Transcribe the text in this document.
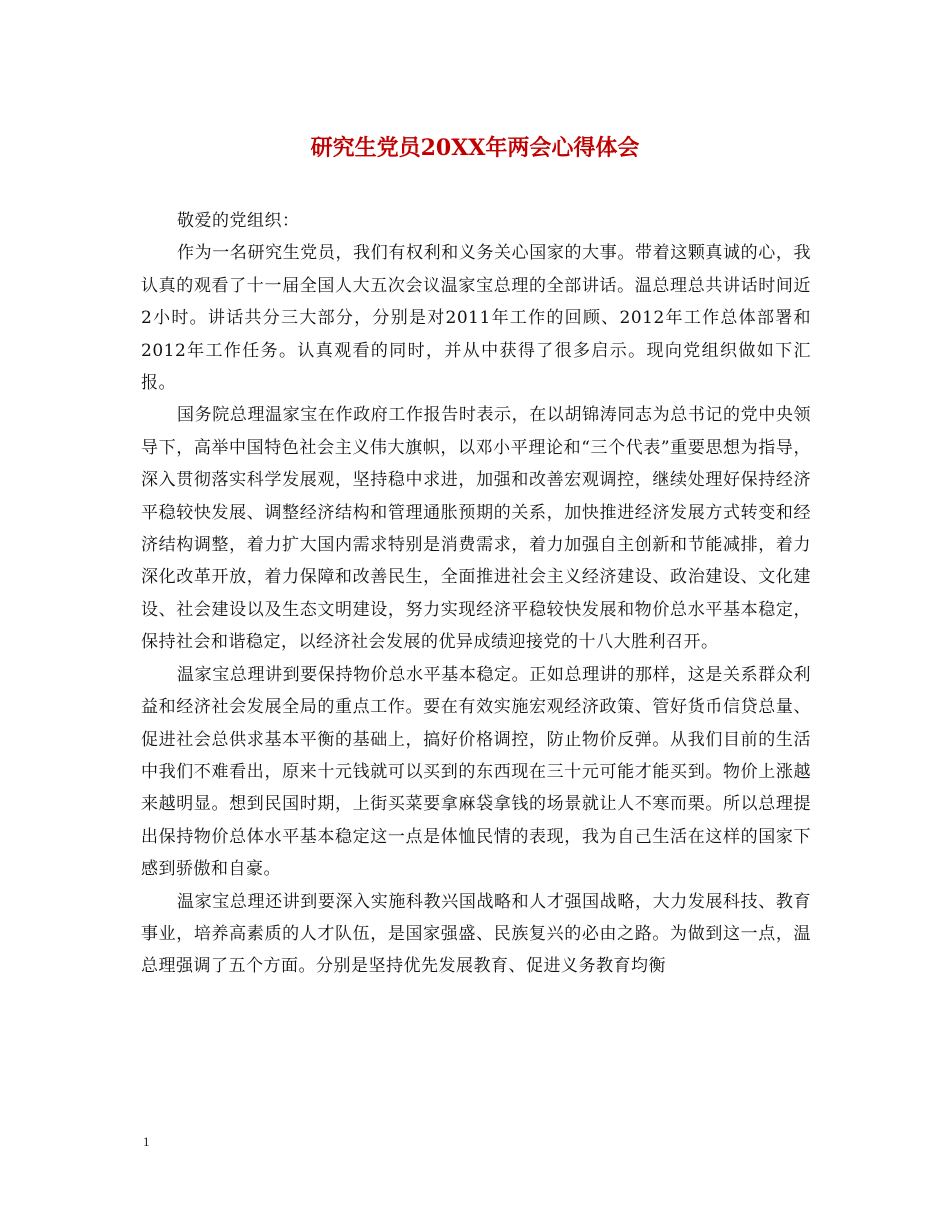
研究生党员20XX年两会心得体会

敬爱的党组织：

作为一名研究生党员，我们有权利和义务关心国家的大事。带着这颗真诚的心，我认真的观看了十一届全国人大五次会议温家宝总理的全部讲话。温总理总共讲话时间近2小时。讲话共分三大部分，分别是对2011年工作的回顾、2012年工作总体部署和2012年工作任务。认真观看的同时，并从中获得了很多启示。现向党组织做如下汇报。

国务院总理温家宝在作政府工作报告时表示，在以胡锦涛同志为总书记的党中央领导下，高举中国特色社会主义伟大旗帜，以邓小平理论和“三个代表”重要思想为指导，深入贯彻落实科学发展观，坚持稳中求进，加强和改善宏观调控，继续处理好保持经济平稳较快发展、调整经济结构和管理通胀预期的关系，加快推进经济发展方式转变和经济结构调整，着力扩大国内需求特别是消费需求，着力加强自主创新和节能减排，着力深化改革开放，着力保障和改善民生，全面推进社会主义经济建设、政治建设、文化建设、社会建设以及生态文明建设，努力实现经济平稳较快发展和物价总水平基本稳定，保持社会和谐稳定，以经济社会发展的优异成绩迎接党的十八大胜利召开。

温家宝总理讲到要保持物价总水平基本稳定。正如总理讲的那样，这是关系群众利益和经济社会发展全局的重点工作。要在有效实施宏观经济政策、管好货币信贷总量、促进社会总供求基本平衡的基础上，搞好价格调控，防止物价反弹。从我们目前的生活中我们不难看出，原来十元钱就可以买到的东西现在三十元可能才能买到。物价上涨越来越明显。想到民国时期，上街买菜要拿麻袋拿钱的场景就让人不寒而栗。所以总理提出保持物价总体水平基本稳定这一点是体恤民情的表现，我为自己生活在这样的国家下感到骄傲和自豪。

温家宝总理还讲到要深入实施科教兴国战略和人才强国战略，大力发展科技、教育事业，培养高素质的人才队伍，是国家强盛、民族复兴的必由之路。为做到这一点，温总理强调了五个方面。分别是坚持优先发展教育、促进义务教育均衡

1
